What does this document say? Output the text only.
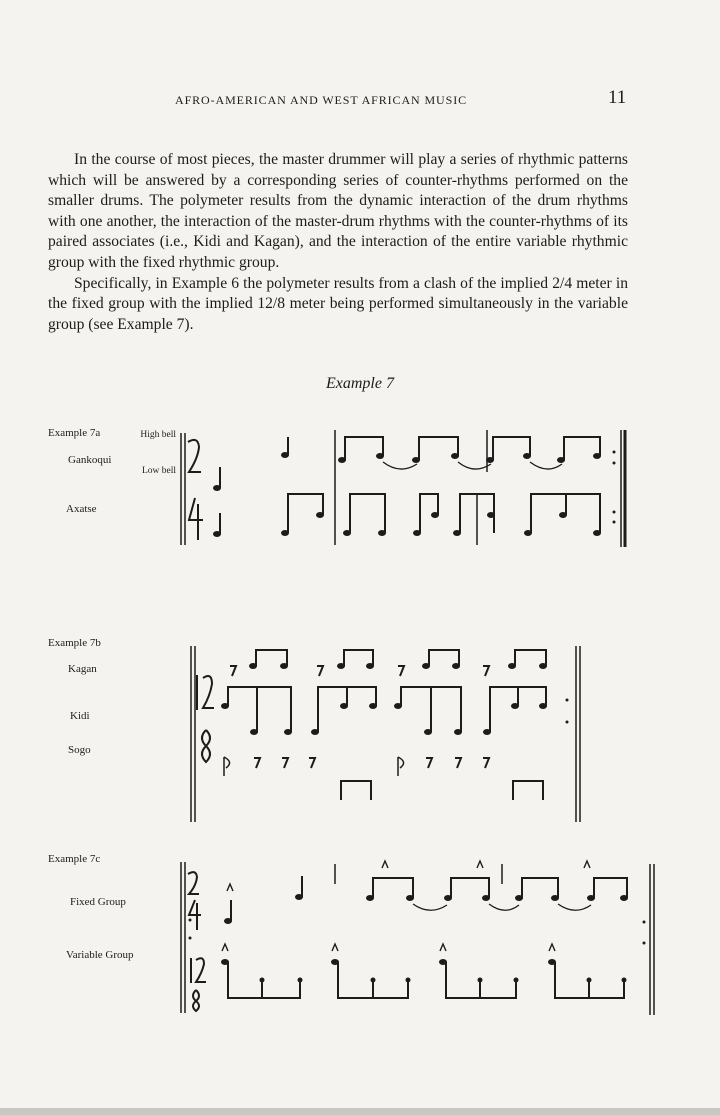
AFRO-AMERICAN AND WEST AFRICAN MUSIC	11

In the course of most pieces, the master drummer will play a series of rhythmic patterns which will be answered by a corresponding series of counter-rhythms performed on the smaller drums. The polymeter results from the dynamic interaction of the drum rhythms with one another, the interaction of the master-drum rhythms with the counter-rhythms of its paired associates (i.e., Kidi and Kagan), and the interaction of the entire variable rhythmic group with the fixed rhythmic group.

Specifically, in Example 6 the polymeter results from a clash of the implied 2/4 meter in the fixed group with the implied 12/8 meter being performed simultaneously in the variable group (see Example 7).

Example 7
Example 7a
Gankoqui
Axatse
High bell
Low bell
Example 7b
Kagan
Kidi
Sogo
Example 7c
Fixed Group
Variable Group
